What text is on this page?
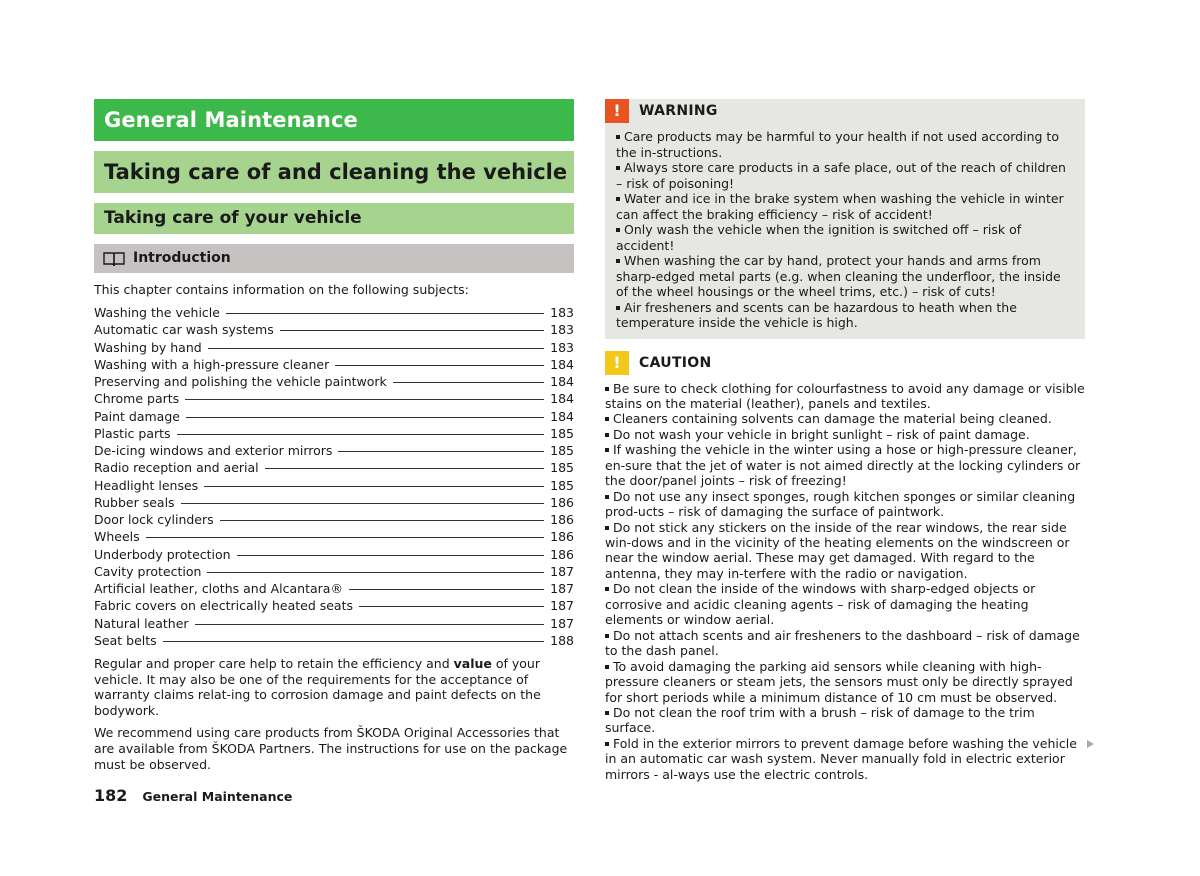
General Maintenance
Taking care of and cleaning the vehicle
Taking care of your vehicle
Introduction
This chapter contains information on the following subjects:
Washing the vehicle	183
Automatic car wash systems	183
Washing by hand	183
Washing with a high-pressure cleaner	184
Preserving and polishing the vehicle paintwork	184
Chrome parts	184
Paint damage	184
Plastic parts	185
De-icing windows and exterior mirrors	185
Radio reception and aerial	185
Headlight lenses	185
Rubber seals	186
Door lock cylinders	186
Wheels	186
Underbody protection	186
Cavity protection	187
Artificial leather, cloths and Alcantara®	187
Fabric covers on electrically heated seats	187
Natural leather	187
Seat belts	188
Regular and proper care help to retain the efficiency and value of your vehicle. It may also be one of the requirements for the acceptance of warranty claims relat-ing to corrosion damage and paint defects on the bodywork.
We recommend using care products from ŠKODA Original Accessories that are available from ŠKODA Partners. The instructions for use on the package must be observed.
182 General Maintenance
!	WARNING
Care products may be harmful to your health if not used according to the in-structions.
Always store care products in a safe place, out of the reach of children – risk of poisoning!
Water and ice in the brake system when washing the vehicle in winter can affect the braking efficiency – risk of accident!
Only wash the vehicle when the ignition is switched off – risk of accident!
When washing the car by hand, protect your hands and arms from sharp-edged metal parts (e.g. when cleaning the underfloor, the inside of the wheel housings or the wheel trims, etc.) – risk of cuts!
Air fresheners and scents can be hazardous to heath when the temperature inside the vehicle is high.
!	CAUTION
Be sure to check clothing for colourfastness to avoid any damage or visible stains on the material (leather), panels and textiles.
Cleaners containing solvents can damage the material being cleaned.
Do not wash your vehicle in bright sunlight – risk of paint damage.
If washing the vehicle in the winter using a hose or high-pressure cleaner, en-sure that the jet of water is not aimed directly at the locking cylinders or the door/panel joints – risk of freezing!
Do not use any insect sponges, rough kitchen sponges or similar cleaning prod-ucts – risk of damaging the surface of paintwork.
Do not stick any stickers on the inside of the rear windows, the rear side win-dows and in the vicinity of the heating elements on the windscreen or near the window aerial. These may get damaged. With regard to the antenna, they may in-terfere with the radio or navigation.
Do not clean the inside of the windows with sharp-edged objects or corrosive and acidic cleaning agents – risk of damaging the heating elements or window aerial.
Do not attach scents and air fresheners to the dashboard – risk of damage to the dash panel.
To avoid damaging the parking aid sensors while cleaning with high-pressure cleaners or steam jets, the sensors must only be directly sprayed for short periods while a minimum distance of 10 cm must be observed.
Do not clean the roof trim with a brush – risk of damage to the trim surface.
Fold in the exterior mirrors to prevent damage before washing the vehicle in an automatic car wash system. Never manually fold in electric exterior mirrors - al-ways use the electric controls.
